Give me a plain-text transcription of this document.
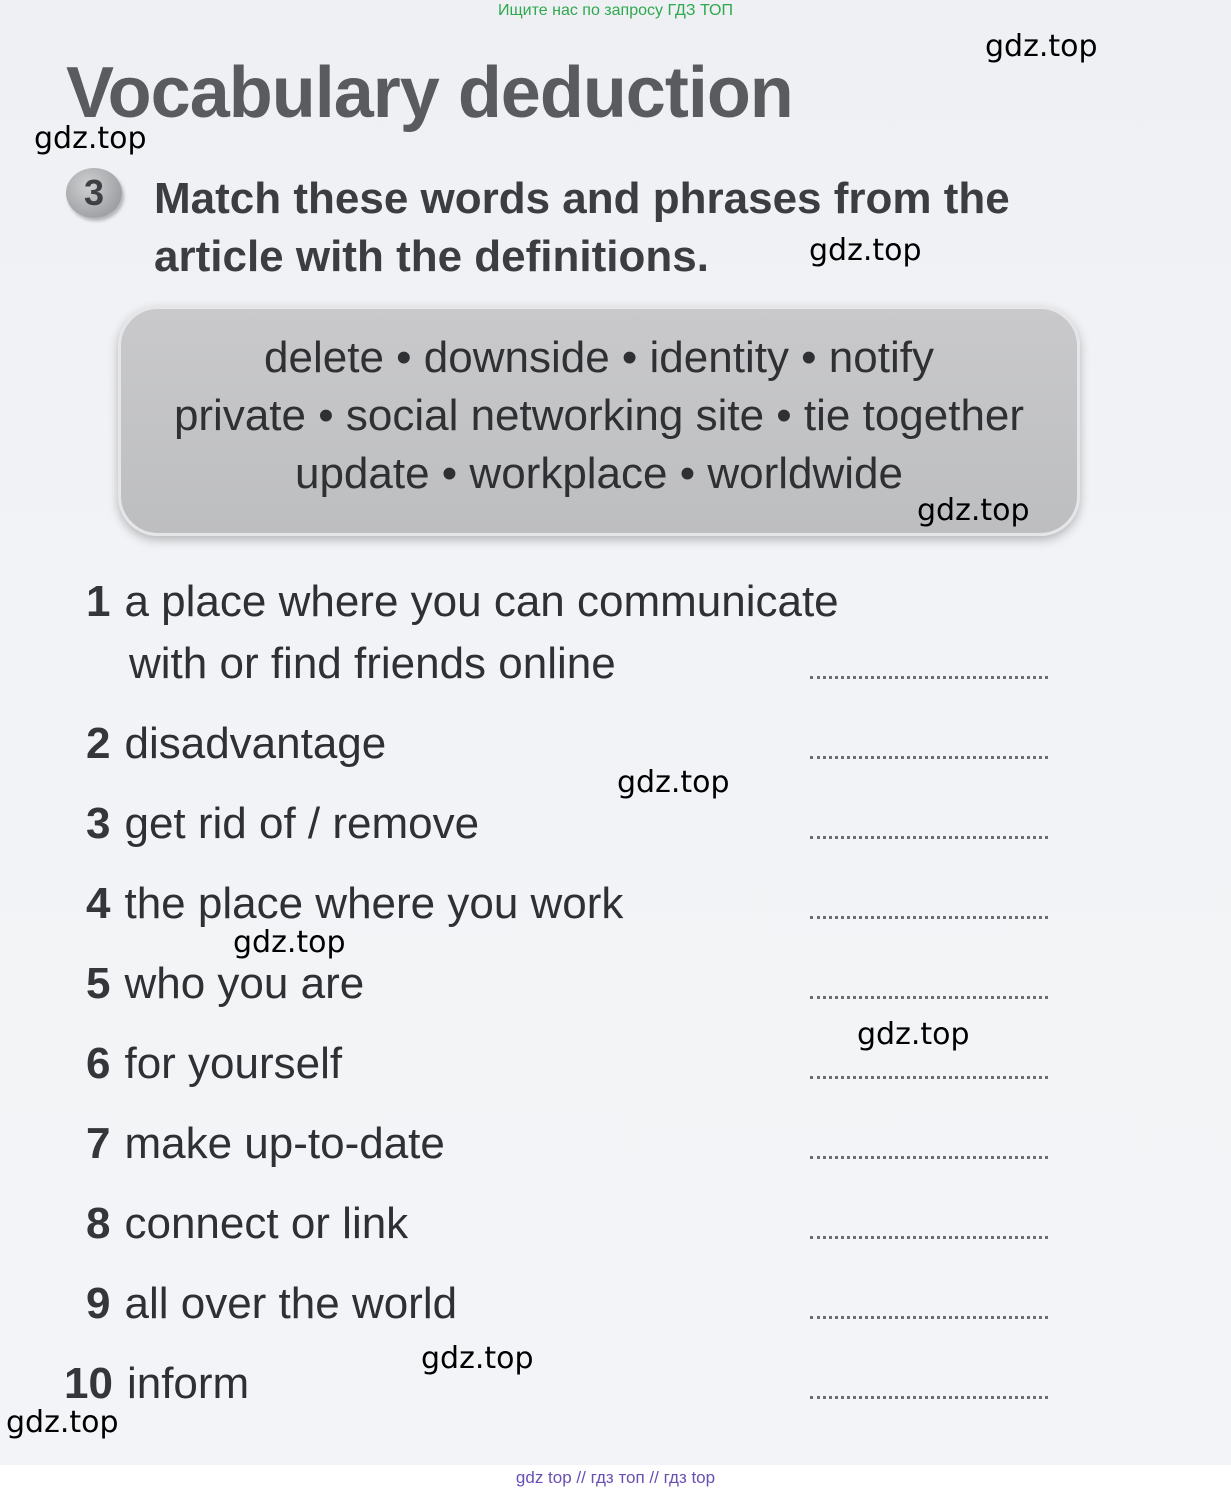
Ищите нас по запросу ГДЗ ТОП
Vocabulary deduction
3	Match these words and phrases from the article with the definitions.

delete • downside • identity • notify
private • social networking site • tie together
update • workplace • worldwide
1 a place where you can communicate
with or find friends online
2 disadvantage
3 get rid of / remove
4 the place where you work
5 who you are
6 for yourself
7 make up-to-date
8 connect or link
9 all over the world
10 inform
gdz.top
gdz.top
gdz.top
gdz.top
gdz.top
gdz.top
gdz.top
gdz.top
gdz.top
gdz top // гдз топ // гдз top
